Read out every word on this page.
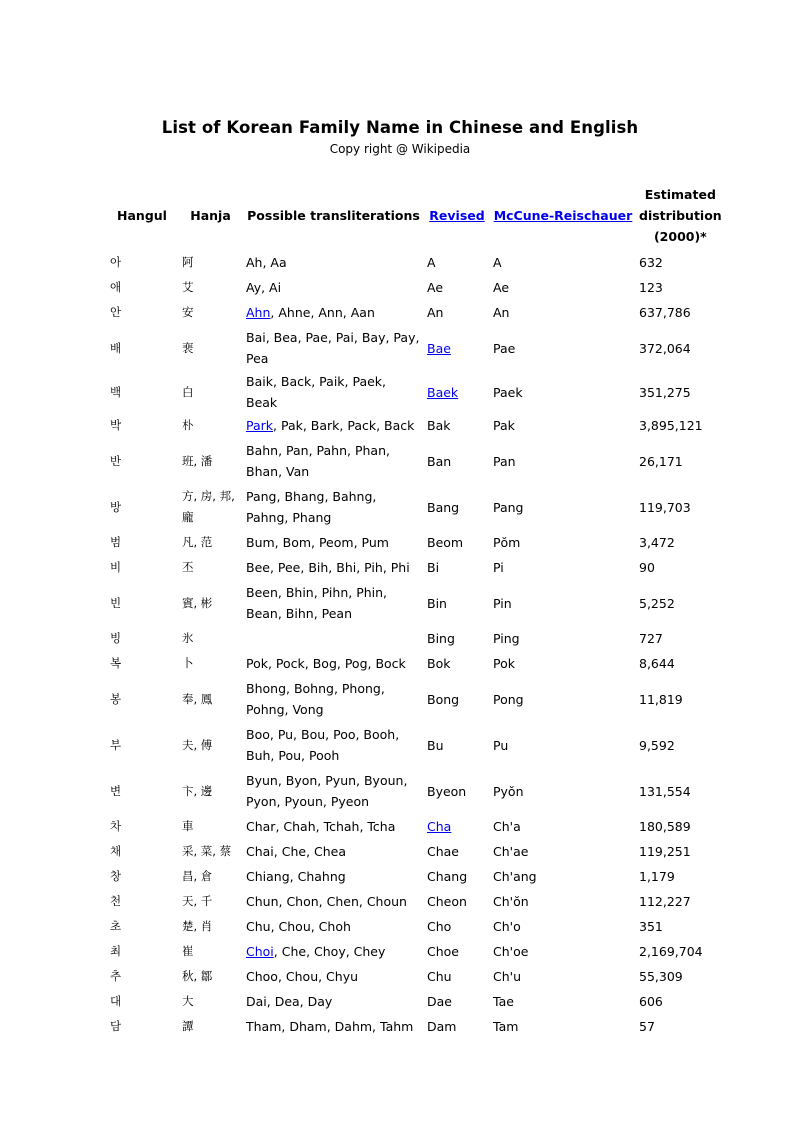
List of Korean Family Name in Chinese and English
Copy right @ Wikipedia
Hangul	Hanja	Possible transliterations	Revised	McCune-Reischauer	Estimated
distribution
(2000)*
아	阿	Ah, Aa	A	A	632
애	艾	Ay, Ai	Ae	Ae	123
안	安	Ahn, Ahne, Ann, Aan	An	An	637,786
배	裵	Bai, Bea, Pae, Pai, Bay, Pay, Pea	Bae	Pae	372,064
백	白	Baik, Back, Paik, Paek, Beak	Baek	Paek	351,275
박	朴	Park, Pak, Bark, Pack, Back	Bak	Pak	3,895,121
반	班, 潘	Bahn, Pan, Pahn, Phan, Bhan, Van	Ban	Pan	26,171
방	方, 房, 邦, 龐	Pang, Bhang, Bahng, Pahng, Phang	Bang	Pang	119,703
범	凡, 范	Bum, Bom, Peom, Pum	Beom	Pŏm	3,472
비	丕	Bee, Pee, Bih, Bhi, Pih, Phi	Bi	Pi	90
빈	賓, 彬	Been, Bhin, Pihn, Phin, Bean, Bihn, Pean	Bin	Pin	5,252
빙	氷		Bing	Ping	727
복	卜	Pok, Pock, Bog, Pog, Bock	Bok	Pok	8,644
봉	奉, 鳳	Bhong, Bohng, Phong, Pohng, Vong	Bong	Pong	11,819
부	夫, 傅	Boo, Pu, Bou, Poo, Booh, Buh, Pou, Pooh	Bu	Pu	9,592
변	卞, 邊	Byun, Byon, Pyun, Byoun, Pyon, Pyoun, Pyeon	Byeon	Pyŏn	131,554
차	車	Char, Chah, Tchah, Tcha	Cha	Ch'a	180,589
채	采, 菜, 蔡	Chai, Che, Chea	Chae	Ch'ae	119,251
창	昌, 倉	Chiang, Chahng	Chang	Ch'ang	1,179
천	天, 千	Chun, Chon, Chen, Choun	Cheon	Ch'ŏn	112,227
초	楚, 肖	Chu, Chou, Choh	Cho	Ch'o	351
최	崔	Choi, Che, Choy, Chey	Choe	Ch'oe	2,169,704
추	秋, 鄒	Choo, Chou, Chyu	Chu	Ch'u	55,309
대	大	Dai, Dea, Day	Dae	Tae	606
담	譚	Tham, Dham, Dahm, Tahm	Dam	Tam	57
